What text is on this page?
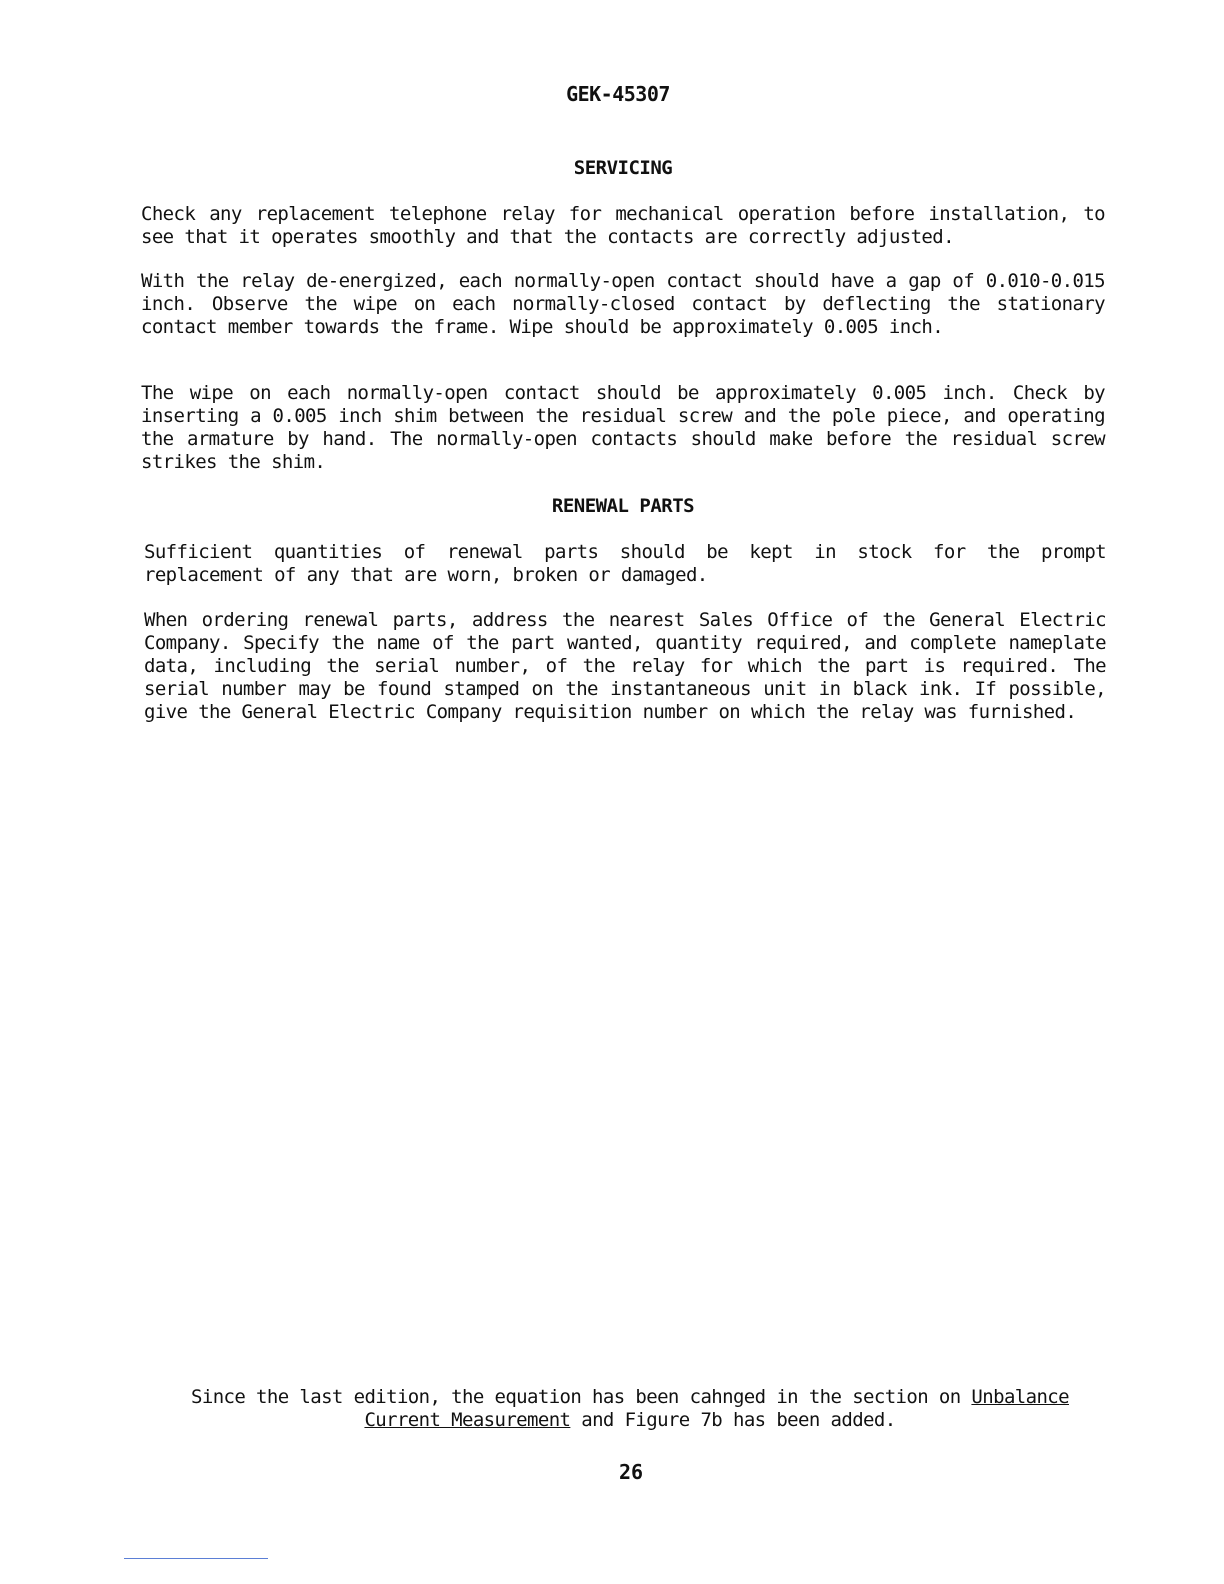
GEK-45307
SERVICING

Check any replacement telephone relay for mechanical operation before installation, to see that it operates smoothly and that the contacts are correctly adjusted.

With the relay de-energized, each normally-open contact should have a gap of 0.010-0.015 inch. Observe the wipe on each normally-closed contact by deflecting the stationary contact member towards the frame. Wipe should be approximately 0.005 inch.

The wipe on each normally-open contact should be approximately 0.005 inch. Check by inserting a 0.005 inch shim between the residual screw and the pole piece, and operating the armature by hand. The normally-open contacts should make before the residual screw strikes the shim.

RENEWAL PARTS

Sufficient quantities of renewal parts should be kept in stock for the prompt replacement of any that are worn, broken or damaged.

When ordering renewal parts, address the nearest Sales Office of the General Electric Company. Specify the name of the part wanted, quantity required, and complete nameplate data, including the serial number, of the relay for which the part is required. The serial number may be found stamped on the instantaneous unit in black ink. If possible, give the General Electric Company requisition number on which the relay was furnished.

Since the last edition, the equation has been cahnged in the section on Unbalance Current Measurement and Figure 7b has been added.
26
